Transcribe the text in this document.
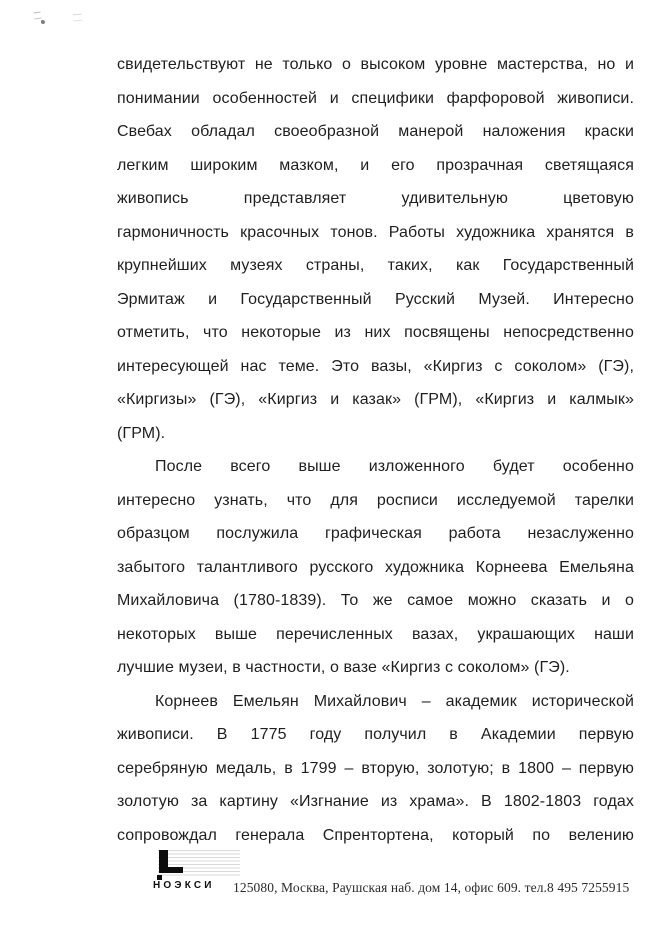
свидетельствуют не только о высоком уровне мастерства, но и
понимании особенностей и специфики фарфоровой живописи.
Свебах обладал своеобразной манерой наложения краски
легким широким мазком, и его прозрачная светящаяся
живопись представляет удивительную цветовую
гармоничность красочных тонов. Работы художника хранятся в
крупнейших музеях страны, таких, как Государственный
Эрмитаж и Государственный Русский Музей. Интересно
отметить, что некоторые из них посвящены непосредственно
интересующей нас теме. Это вазы, «Киргиз с соколом» (ГЭ),
«Киргизы» (ГЭ), «Киргиз и казак» (ГРМ), «Киргиз и калмык»
(ГРМ).
После всего выше изложенного будет особенно
интересно узнать, что для росписи исследуемой тарелки
образцом послужила графическая работа незаслуженно
забытого талантливого русского художника Корнеева Емельяна
Михайловича (1780-1839). То же самое можно сказать и о
некоторых выше перечисленных вазах, украшающих наши
лучшие музеи, в частности, о вазе «Киргиз с соколом» (ГЭ).
Корнеев Емельян Михайлович – академик исторической
живописи. В 1775 году получил в Академии первую
серебряную медаль, в 1799 – вторую, золотую; в 1800 – первую
золотую за картину «Изгнание из храма». В 1802-1803 годах
сопровождал генерала Спрентортена, который по велению
НОЭКСИ 125080, Москва, Раушская наб. дом 14, офис 609. тел.8 495 7255915
